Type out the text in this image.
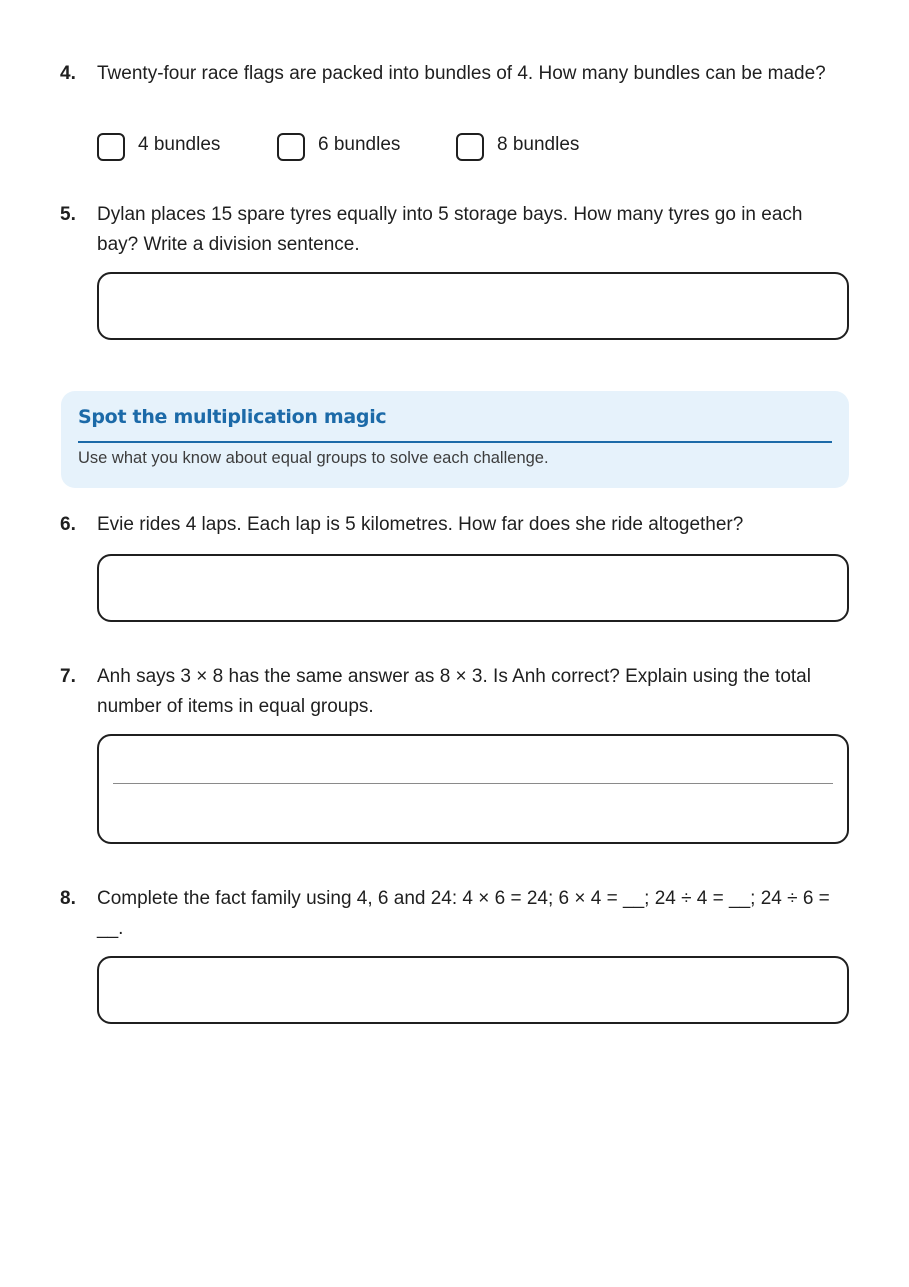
4.	Twenty-four race flags are packed into bundles of 4. How many bundles can be made?
4 bundles	6 bundles	8 bundles
5.	Dylan places 15 spare tyres equally into 5 storage bays. How many tyres go in each bay? Write a division sentence.
Spot the multiplication magic
Use what you know about equal groups to solve each challenge.
6.	Evie rides 4 laps. Each lap is 5 kilometres. How far does she ride altogether?
7.	Anh says 3 × 8 has the same answer as 8 × 3. Is Anh correct? Explain using the total number of items in equal groups.
8.	Complete the fact family using 4, 6 and 24: 4 × 6 = 24; 6 × 4 = __; 24 ÷ 4 = __; 24 ÷ 6 = __.
